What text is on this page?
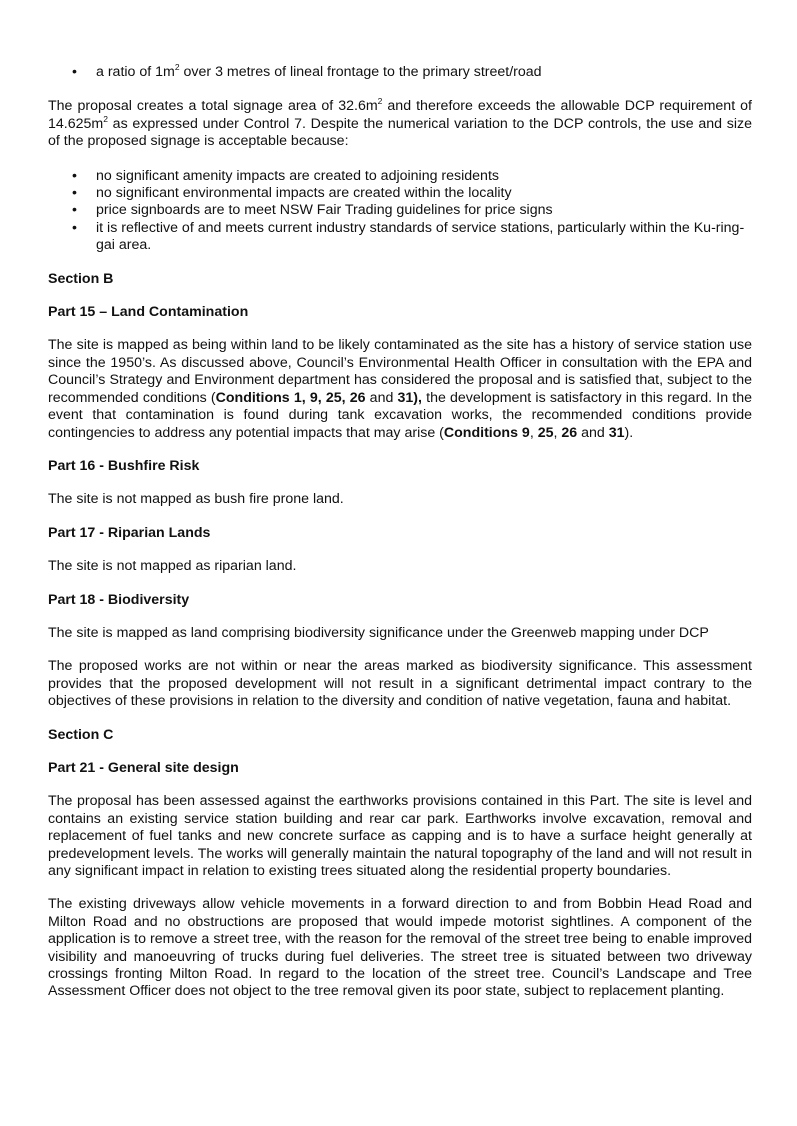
• a ratio of $1m^2$ over 3 metres of lineal frontage to the primary street/road

The proposal creates a total signage area of $32.6m^2$ and therefore exceeds the allowable DCP requirement of $14.625m^2$ as expressed under Control 7. Despite the numerical variation to the DCP controls, the use and size of the proposed signage is acceptable because:

• no significant amenity impacts are created to adjoining residents
• no significant environmental impacts are created within the locality
• price signboards are to meet NSW Fair Trading guidelines for price signs
• it is reflective of and meets current industry standards of service stations, particularly within the Ku-ring-gai area.
Section B
Part 15 – Land Contamination

The site is mapped as being within land to be likely contaminated as the site has a history of service station use since the 1950’s. As discussed above, Council’s Environmental Health Officer in consultation with the EPA and Council’s Strategy and Environment department has considered the proposal and is satisfied that, subject to the recommended conditions (Conditions 1, 9, 25, 26 and 31), the development is satisfactory in this regard. In the event that contamination is found during tank excavation works, the recommended conditions provide contingencies to address any potential impacts that may arise (Conditions 9, 25, 26 and 31).

Part 16 - Bushfire Risk

The site is not mapped as bush fire prone land.

Part 17 - Riparian Lands

The site is not mapped as riparian land.

Part 18 - Biodiversity

The site is mapped as land comprising biodiversity significance under the Greenweb mapping under DCP

The proposed works are not within or near the areas marked as biodiversity significance. This assessment provides that the proposed development will not result in a significant detrimental impact contrary to the objectives of these provisions in relation to the diversity and condition of native vegetation, fauna and habitat.

Section C
Part 21 - General site design

The proposal has been assessed against the earthworks provisions contained in this Part. The site is level and contains an existing service station building and rear car park. Earthworks involve excavation, removal and replacement of fuel tanks and new concrete surface as capping and is to have a surface height generally at predevelopment levels. The works will generally maintain the natural topography of the land and will not result in any significant impact in relation to existing trees situated along the residential property boundaries.

The existing driveways allow vehicle movements in a forward direction to and from Bobbin Head Road and Milton Road and no obstructions are proposed that would impede motorist sightlines. A component of the application is to remove a street tree, with the reason for the removal of the street tree being to enable improved visibility and manoeuvring of trucks during fuel deliveries. The street tree is situated between two driveway crossings fronting Milton Road. In regard to the location of the street tree. Council’s Landscape and Tree Assessment Officer does not object to the tree removal given its poor state, subject to replacement planting.
